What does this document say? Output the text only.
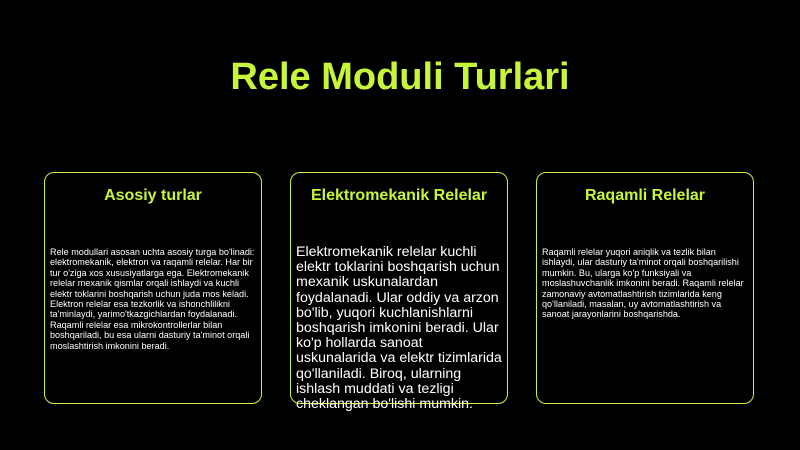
Rele Moduli Turlari
Asosiy turlar

Rele modullari asosan uchta asosiy turga bo'linadi: elektromekanik, elektron va raqamli relelar. Har bir tur o'ziga xos xususiyatlarga ega. Elektromekanik relelar mexanik qismlar orqali ishlaydi va kuchli elektr toklarini boshqarish uchun juda mos keladi. Elektron relelar esa tezkorlik va ishonchlilikni ta'minlaydi, yarimo'tkazgichlardan foydalanadi. Raqamli relelar esa mikrokontrollerlar bilan boshqariladi, bu esa ularni dasturiy ta'minot orqali moslashtirish imkonini beradi.

Elektromekanik Relelar

Elektromekanik relelar kuchli elektr toklarini boshqarish uchun mexanik uskunalardan foydalanadi. Ular oddiy va arzon bo'lib, yuqori kuchlanishlarni boshqarish imkonini beradi. Ular ko'p hollarda sanoat uskunalarida va elektr tizimlarida qo'llaniladi. Biroq, ularning ishlash muddati va tezligi cheklangan bo'lishi mumkin.

Raqamli Relelar

Raqamli relelar yuqori aniqlik va tezlik bilan ishlaydi, ular dasturiy ta'minot orqali boshqarilishi mumkin. Bu, ularga ko'p funksiyali va moslashuvchanlik imkonini beradi. Raqamli relelar zamonaviy avtomatlashtirish tizimlarida keng qo'llaniladi, masalan, uy avtomatlashtirish va sanoat jarayonlarini boshqarishda.
